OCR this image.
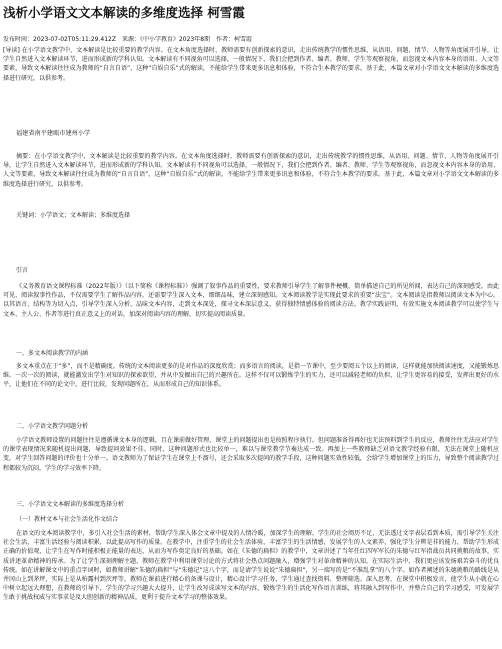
浅析小学语文文本解读的多维度选择 柯雪霞
发布时间：2023-07-02T05:11:29.412Z　来源：《中小学教育》2023年8期　作者：柯雪霞
[导读] 在小学语文教学中，文本解读是比较重要的教学内容。在文本角度选择时，教师需要有创新探索的意识，走出传统教学的惯性思维，从语用、问题、情节、人物等角度展开引导，让学生自然进入文本解读环节，进而形成新的学科认知。文本解读有不同视角可以选择，一般情况下，我们会把到作者、编者、教师、学生等观察视角，而忽视文本内容本身的语用、人文等要素，导致文本解读往往成为教师的“自言自语”，这种“自娱自乐”式的解读，不能给学生带来更多讯息和体验，不符合生本教学的要求。基于此，本篇文章对小学语文文本解读的多维度选择进行研究，以供参考。
福建省南平建瓯市建州小学
摘要：在小学语文教学中，文本解读是比较重要的教学内容。在文本角度选择时，教师需要有创新探索的意识，走出传统教学的惯性思维，从语用、问题、情节、人物等角度展开引导，让学生自然进入文本解读环节，进而形成新的学科认知。文本解读有不同视角可以选择，一般情况下，我们会把到作者、编者、教师、学生等观察视角，而忽视文本内容本身的语用、人文等要素，导致文本解读往往成为教师的“自言自语”，这种“自娱自乐”式的解读，不能给学生带来更多讯息和体验，不符合生本教学的要求。基于此，本篇文章对小学语文文本解读的多维度选择进行研究，以供参考。
关键词：小学语文；文本解读；多维度选择
引言
《义务教育语文课程标准（2022年版）》（以下简称《课程标准》）强调了叙事作品的重要性，要求教师引导学生了解事件梗概，简单描述自己的所见所闻，表达自己的深刻感受。由此可见，阅读叙事性作品，不仅需要学生了解作品内容，还需要学生深入文本，细细品味，建立深刻感知。文本阅读教学是实现此要求的重要“法宝”。文本阅读是指教师以阅读文本为中心，以其语言、结构等为切入点，引导学生深入分析、品味文本内容，走到文本深处，探寻文本深层意义，获得独特情感体验的阅读方法。教学实践证明，有效实施文本阅读教学可以使学生与文本、主人公、作者等进行真正意义上的对话，加深对阅读内容的理解，切实提高阅读质量。
一、多文本阅读教学的内涵
多文本重点在于“多”，而不是精确度。传统的文本阅读更多的是对作品的深度欣赏；而多语言的阅读，是指一节课中，至少要阅五个以上的阅读，这样就能加快阅读速度，又能锻炼思维。一次一次的阅读，就能激发出学生对知识的探索欲望，并从中发掘出自己的兴趣所在。这样不仅可以锻炼学生的实力，还可以减轻老师的负担，让学生更容易的接受，发挥出更好的水平，让他们在不同的论文中，进行比较，发现问题所在，从而形成自己的知识体系。
二、小学语文教学问题分析
小学语文教师设置的问题往往是遵循课文本身的逻辑，且在课前做好管理，课堂上的问题提出也是按照程序执行。但问题准备得再好也无法预料到学生的反应，教师往往无法应对学生的课堂表现情况来随机提出问题，导致提问效果不佳。同时，这种问题形式也比较单一，难以与课堂教学节奏达成一致。再加上一些教师缺乏对语文教学经验有限，无法在课堂上随机应变，对学生回答问题的评价也十分单一。语文教师为了保证学生在课堂上不溜号，还会采取多次提问的教学手段，这种问题实效性较低，会给学生增加课堂上的压力，导致整个阅读教学过程都较为沉闷，学生的学习效率下降。
三、小学语文文本解读的多维度选择分析
（一）教材文本与社会生活化作文结合
在语文的文本阅读教学中，多引入社会生活的素材，帮助学生深入体会文章中提及的人情冷暖，加深学生的理解。学生的社会阅历不足，无法透过文字表层看到本质，需引导学生关注社会生活，丰富生活经验与阅读积累，以此提高写作的质量。在教学中，注重学生的社会生活体验，丰富学生的生活情感，发展学生的人文素养，强化学生分辨是非的能力，帮助学生形成正确的价值观，让学生在写作时能积极正能量的表达，从而为写作奠定良好的基础。如在《朱德的扁担》的教学中，文章讲述了当年任红四军军长的朱德与红军指战员共同挑粮的故事，实质讲述革命精神的传承。为了让学生深刻理解主题，教师在教学中利用课堂讨论的方式将社会热点问题融入，增强学生对革命精神的认知，在实际生活中，我们更应该发扬艰苦奋斗的优良传统。如在讲解课文中的重点字词时，如教师讲解“朱德的扁担”与“朱德记”这八个字，而是请学生说说“朱德扁担”，另一端写的是“不准乱拿”的八个字。如作者阐述的朱德挑粮的路线是从井冈山上到茅坪，实际上是从柏露村到茨坪等，教师在课前进行精心的备课与设计，精心设计学习任务，学生通过查找资料、整理筛选、深入思考，在课堂中积极发言，使学生从小就在心中树立起远大理想，在教师的引导下，学生的学习兴趣大大提升，让学生改写成读写文本的内容，锻炼学生的生活化写作语言训练，将其融入到写作中，并整合自己的学习感受，可发展学生敢于挑战权威与实事求是及大胆创新的精神品质，更利于提升文本学习的整体效果。
